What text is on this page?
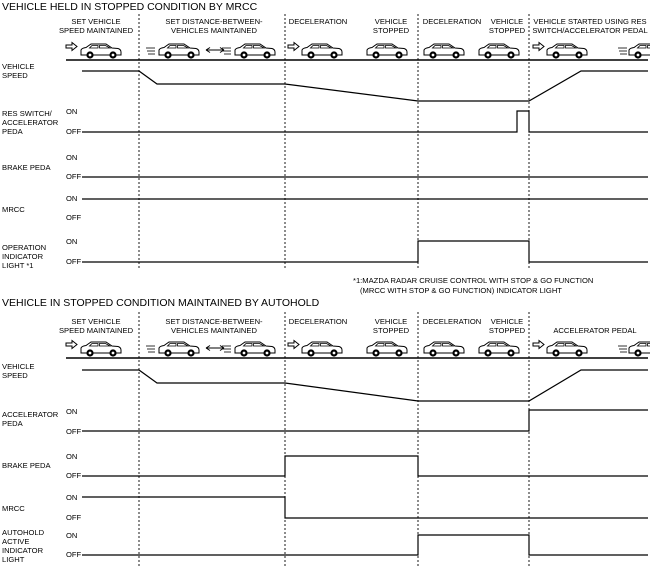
VEHICLE HELD IN STOPPED CONDITION BY MRCC
SET VEHICLE
SPEED MAINTAINED
SET DISTANCE-BETWEEN-
VEHICLES MAINTAINED
DECELERATION	VEHICLE
STOPPED
DECELERATION VEHICLE
STOPPED
VEHICLE STARTED USING RES
SWITCH/ACCELERATOR PEDAL
VEHICLE
SPEED
RES SWITCH/
ACCELERATOR
PEDA
BRAKE PEDA
MRCC
OPERATION
INDICATOR
LIGHT *1
ON
OFF
ON
OFF
ON
OFF
ON
OFF
*1:MAZDA RADAR CRUISE CONTROL WITH STOP & GO FUNCTION
(MRCC WITH STOP & GO FUNCTION) INDICATOR LIGHT
VEHICLE IN STOPPED CONDITION MAINTAINED BY AUTOHOLD
SET VEHICLE
SPEED MAINTAINED
SET DISTANCE-BETWEEN-
VEHICLES MAINTAINED
DECELERATION	VEHICLE
STOPPED
DECELERATION VEHICLE
STOPPED	ACCELERATOR PEDAL
VEHICLE
SPEED
ACCELERATOR
PEDA
BRAKE PEDA
MRCC
AUTOHOLD
ACTIVE
INDICATOR
LIGHT
ON
OFF
ON
OFF
ON
OFF
ON
OFF
